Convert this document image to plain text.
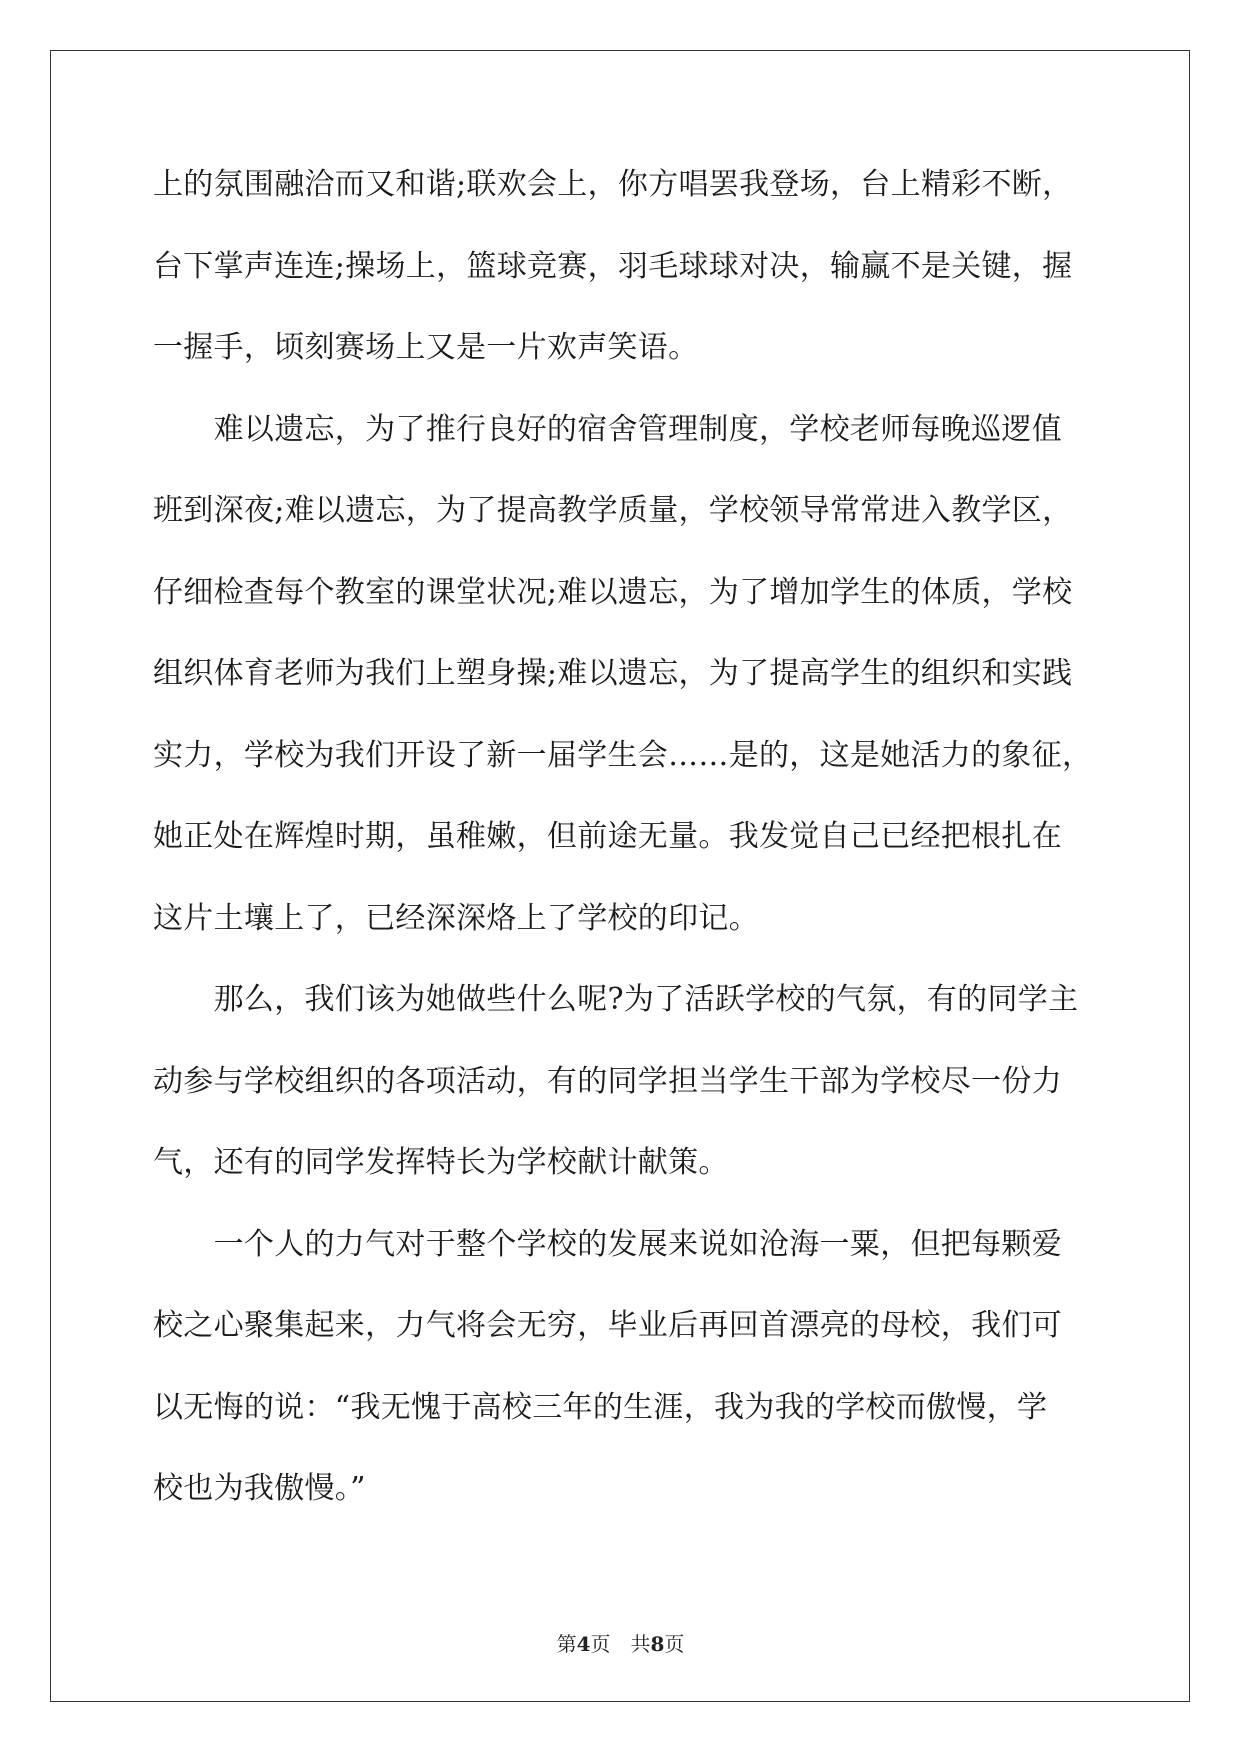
上的氛围融洽而又和谐;联欢会上，你方唱罢我登场，台上精彩不断，
台下掌声连连;操场上，篮球竞赛，羽毛球球对决，输赢不是关键，握
一握手，顷刻赛场上又是一片欢声笑语。
　　难以遗忘，为了推行良好的宿舍管理制度，学校老师每晚巡逻值
班到深夜;难以遗忘，为了提高教学质量，学校领导常常进入教学区，
仔细检查每个教室的课堂状况;难以遗忘，为了增加学生的体质，学校
组织体育老师为我们上塑身操;难以遗忘，为了提高学生的组织和实践
实力，学校为我们开设了新一届学生会……是的，这是她活力的象征，
她正处在辉煌时期，虽稚嫩，但前途无量。我发觉自己已经把根扎在
这片土壤上了，已经深深烙上了学校的印记。
　　那么，我们该为她做些什么呢?为了活跃学校的气氛，有的同学主
动参与学校组织的各项活动，有的同学担当学生干部为学校尽一份力
气，还有的同学发挥特长为学校献计献策。
　　一个人的力气对于整个学校的发展来说如沧海一粟，但把每颗爱
校之心聚集起来，力气将会无穷，毕业后再回首漂亮的母校，我们可
以无悔的说：“我无愧于高校三年的生涯，我为我的学校而傲慢，学
校也为我傲慢。”
第4页　共8页
